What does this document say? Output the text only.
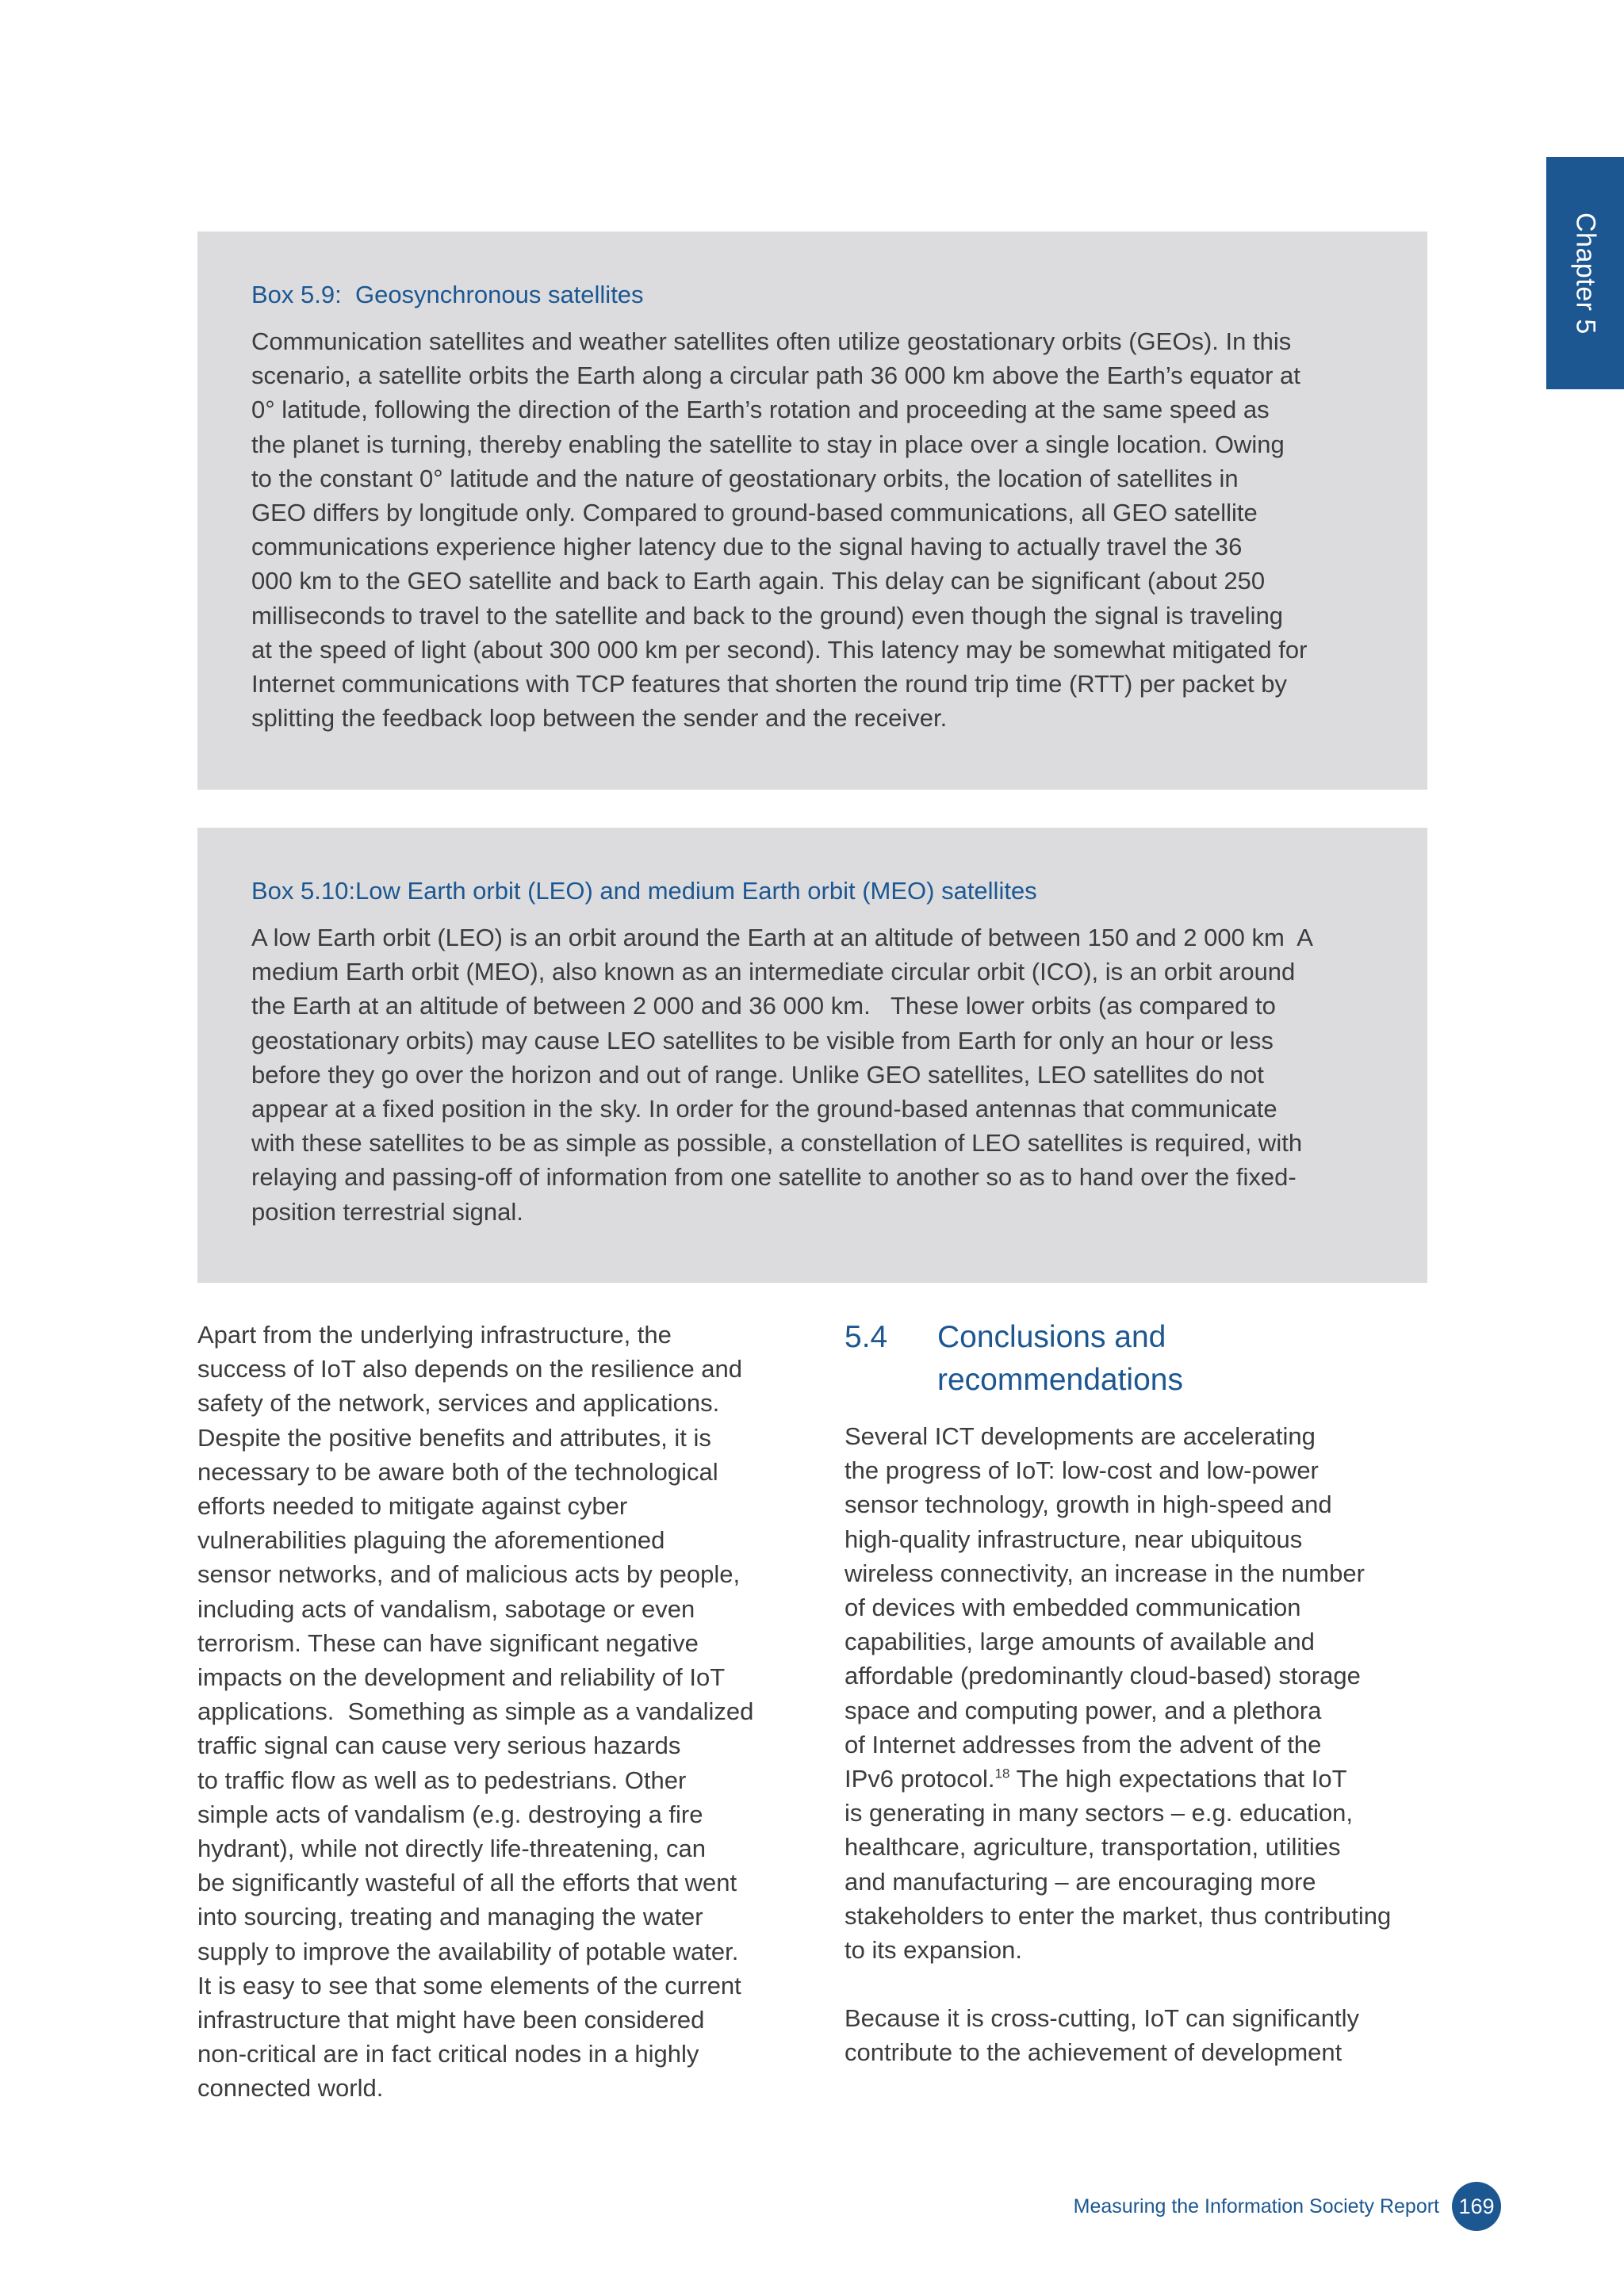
Chapter 5
Box 5.9:  Geosynchronous satellites
Communication satellites and weather satellites often utilize geostationary orbits (GEOs). In this
scenario, a satellite orbits the Earth along a circular path 36 000 km above the Earth’s equator at
0° latitude, following the direction of the Earth’s rotation and proceeding at the same speed as
the planet is turning, thereby enabling the satellite to stay in place over a single location. Owing
to the constant 0° latitude and the nature of geostationary orbits, the location of satellites in
GEO differs by longitude only. Compared to ground-based communications, all GEO satellite
communications experience higher latency due to the signal having to actually travel the 36
000 km to the GEO satellite and back to Earth again. This delay can be significant (about 250
milliseconds to travel to the satellite and back to the ground) even though the signal is traveling
at the speed of light (about 300 000 km per second). This latency may be somewhat mitigated for
Internet communications with TCP features that shorten the round trip time (RTT) per packet by
splitting the feedback loop between the sender and the receiver.
Box 5.10:Low Earth orbit (LEO) and medium Earth orbit (MEO) satellites
A low Earth orbit (LEO) is an orbit around the Earth at an altitude of between 150 and 2 000 km  A
medium Earth orbit (MEO), also known as an intermediate circular orbit (ICO), is an orbit around
the Earth at an altitude of between 2 000 and 36 000 km.   These lower orbits (as compared to
geostationary orbits) may cause LEO satellites to be visible from Earth for only an hour or less
before they go over the horizon and out of range. Unlike GEO satellites, LEO satellites do not
appear at a fixed position in the sky. In order for the ground-based antennas that communicate
with these satellites to be as simple as possible, a constellation of LEO satellites is required, with
relaying and passing-off of information from one satellite to another so as to hand over the fixed-
position terrestrial signal.
Apart from the underlying infrastructure, the
success of IoT also depends on the resilience and
safety of the network, services and applications.
Despite the positive benefits and attributes, it is
necessary to be aware both of the technological
efforts needed to mitigate against cyber
vulnerabilities plaguing the aforementioned
sensor networks, and of malicious acts by people,
including acts of vandalism, sabotage or even
terrorism. These can have significant negative
impacts on the development and reliability of IoT
applications.  Something as simple as a vandalized
traffic signal can cause very serious hazards
to traffic flow as well as to pedestrians. Other
simple acts of vandalism (e.g. destroying a fire
hydrant), while not directly life-threatening, can
be significantly wasteful of all the efforts that went
into sourcing, treating and managing the water
supply to improve the availability of potable water.
It is easy to see that some elements of the current
infrastructure that might have been considered
non-critical are in fact critical nodes in a highly
connected world.
5.4	Conclusions and
recommendations
Several ICT developments are accelerating
the progress of IoT: low-cost and low-power
sensor technology, growth in high-speed and
high-quality infrastructure, near ubiquitous
wireless connectivity, an increase in the number
of devices with embedded communication
capabilities, large amounts of available and
affordable (predominantly cloud-based) storage
space and computing power, and a plethora
of Internet addresses from the advent of the
IPv6 protocol.$^{18}$ The high expectations that IoT
is generating in many sectors – e.g. education,
healthcare, agriculture, transportation, utilities
and manufacturing – are encouraging more
stakeholders to enter the market, thus contributing
to its expansion.
Because it is cross-cutting, IoT can significantly
contribute to the achievement of development
Measuring the Information Society Report 169
